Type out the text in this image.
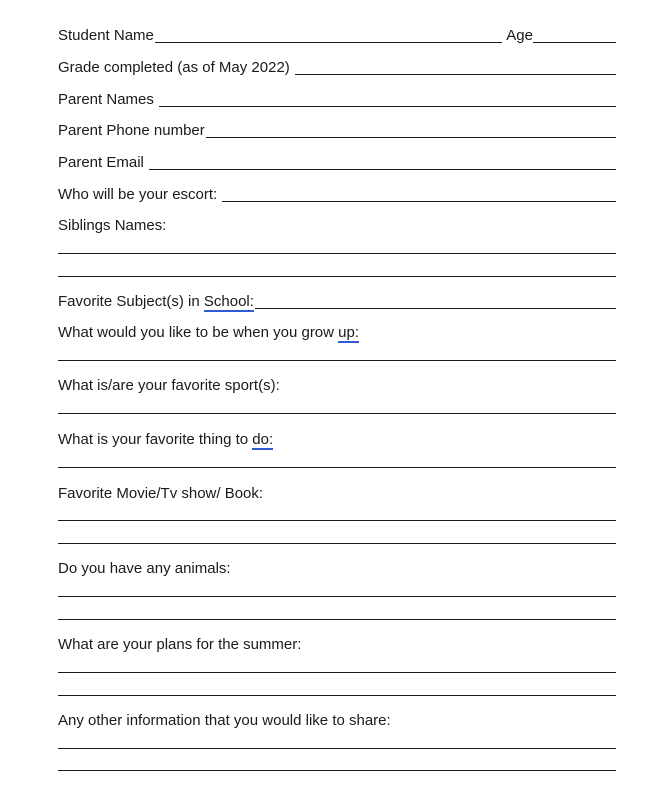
Student Name	Age
Grade completed (as of May 2022)
Parent Names
Parent Phone number
Parent Email
Who will be your escort:
Siblings Names:
Favorite Subject(s) in School:
What would you like to be when you grow up:
What is/are your favorite sport(s):
What is your favorite thing to do:
Favorite Movie/Tv show/ Book:
Do you have any animals:
What are your plans for the summer:
Any other information that you would like to share:
